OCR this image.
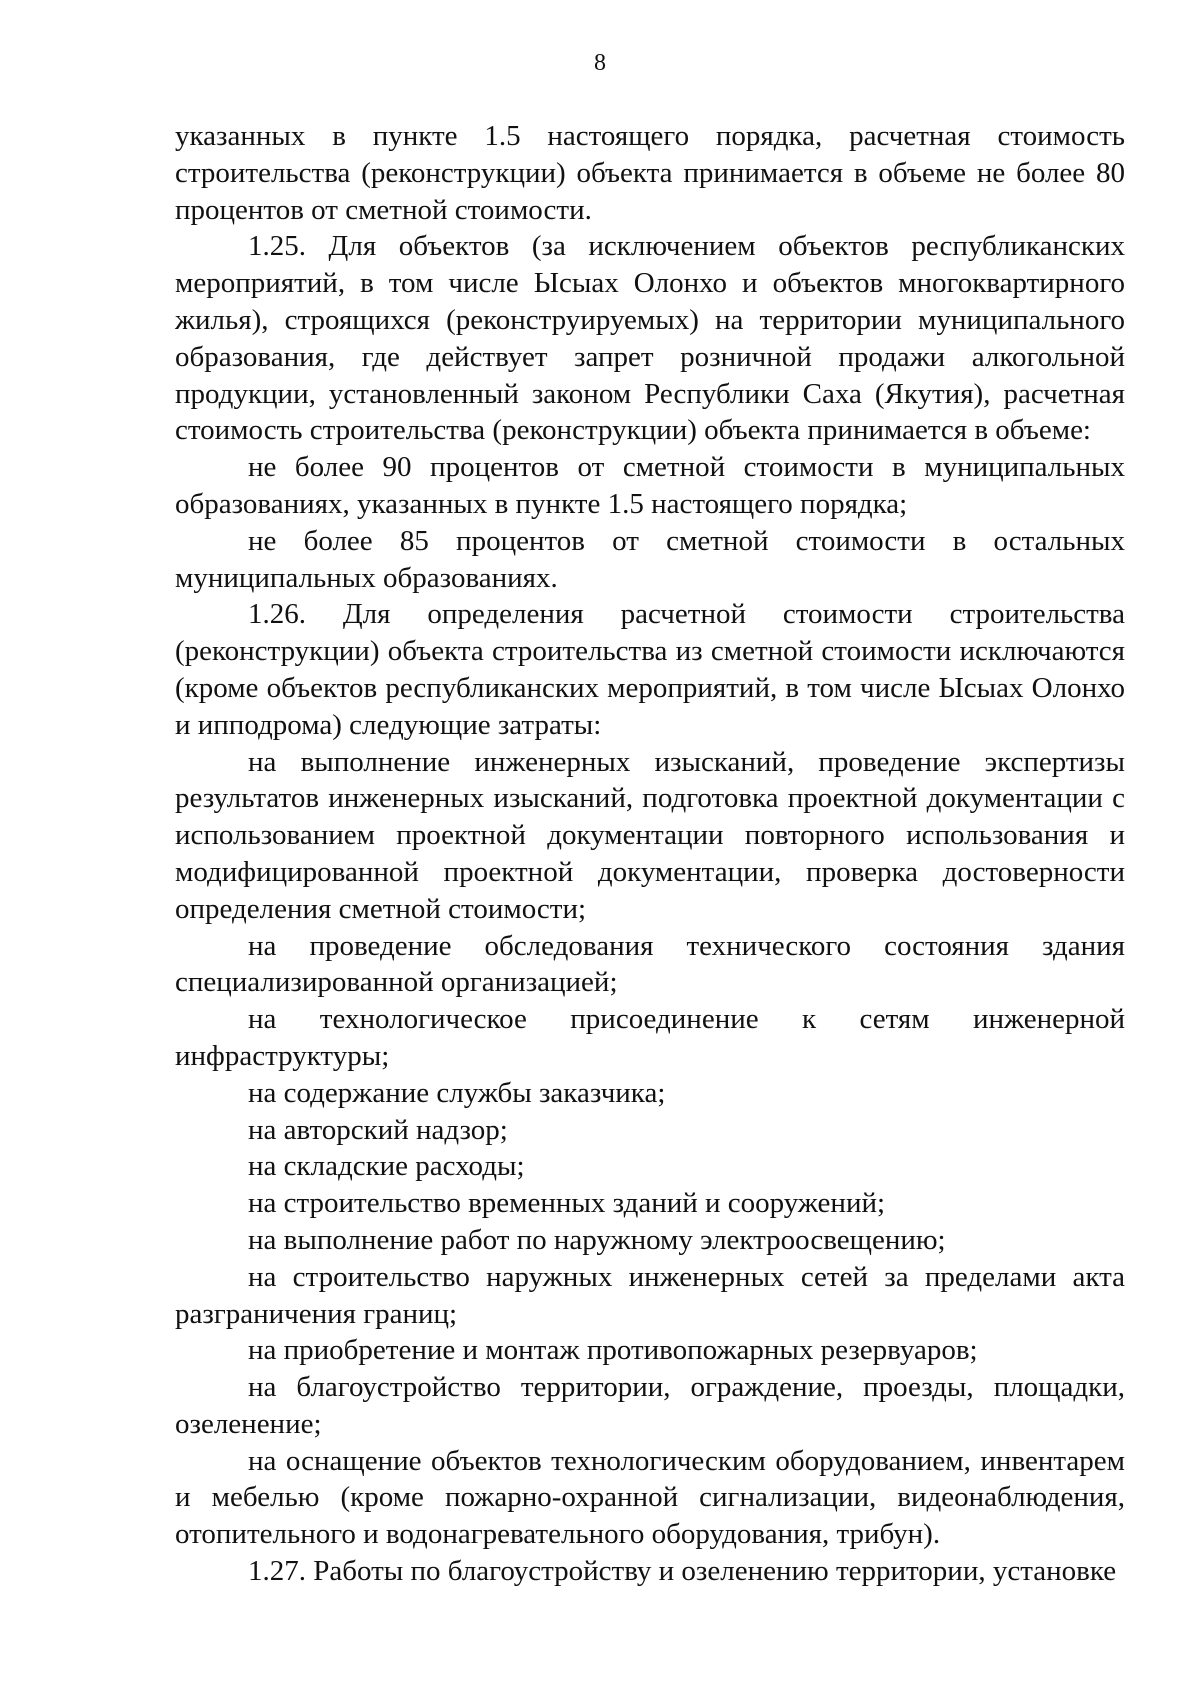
8

указанных в пункте 1.5 настоящего порядка, расчетная стоимость строительства (реконструкции) объекта принимается в объеме не более 80 процентов от сметной стоимости.

1.25. Для объектов (за исключением объектов республиканских мероприятий, в том числе Ысыах Олонхо и объектов многоквартирного жилья), строящихся (реконструируемых) на территории муниципального образования, где действует запрет розничной продажи алкогольной продукции, установленный законом Республики Саха (Якутия), расчетная стоимость строительства (реконструкции) объекта принимается в объеме:

не более 90 процентов от сметной стоимости в муниципальных образованиях, указанных в пункте 1.5 настоящего порядка;

не более 85 процентов от сметной стоимости в остальных муниципальных образованиях.

1.26. Для определения расчетной стоимости строительства (реконструкции) объекта строительства из сметной стоимости исключаются (кроме объектов республиканских мероприятий, в том числе Ысыах Олонхо и ипподрома) следующие затраты:

на выполнение инженерных изысканий, проведение экспертизы результатов инженерных изысканий, подготовка проектной документации с использованием проектной документации повторного использования и модифицированной проектной документации, проверка достоверности определения сметной стоимости;

на проведение обследования технического состояния здания специализированной организацией;

на технологическое присоединение к сетям инженерной инфраструктуры;

на содержание службы заказчика;

на авторский надзор;

на складские расходы;

на строительство временных зданий и сооружений;

на выполнение работ по наружному электроосвещению;

на строительство наружных инженерных сетей за пределами акта разграничения границ;

на приобретение и монтаж противопожарных резервуаров;

на благоустройство территории, ограждение, проезды, площадки, озеленение;

на оснащение объектов технологическим оборудованием, инвентарем и мебелью (кроме пожарно-охранной сигнализации, видеонаблюдения, отопительного и водонагревательного оборудования, трибун).

1.27. Работы по благоустройству и озеленению территории, установке
